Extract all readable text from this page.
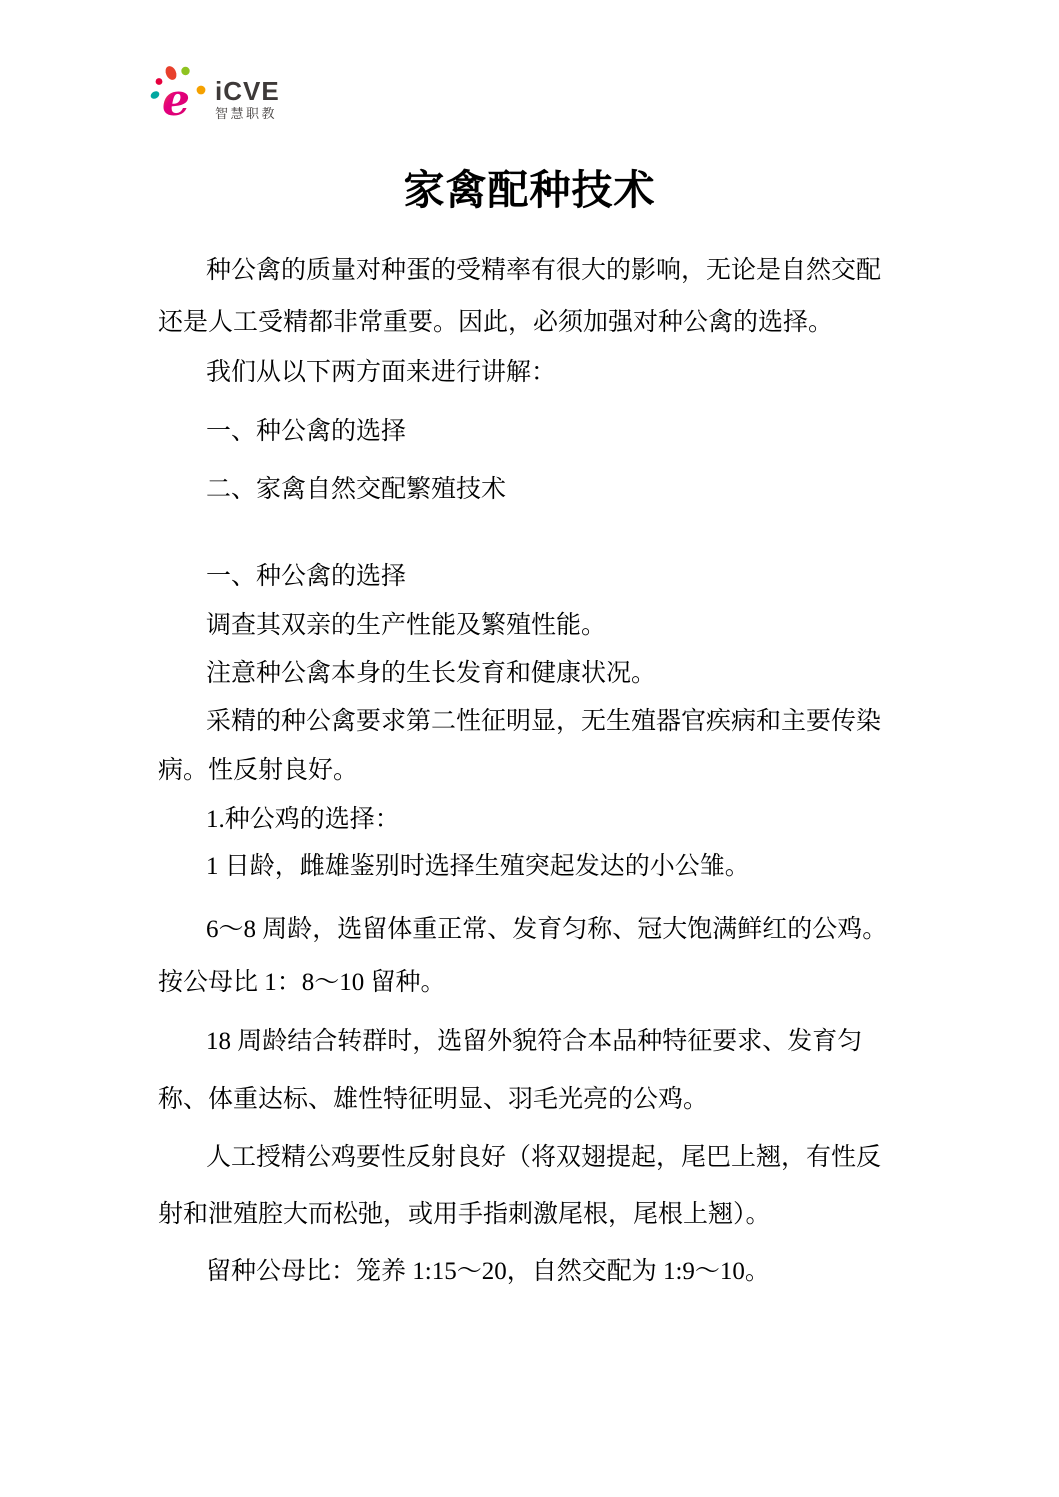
e iCVE
智慧职教
家禽配种技术
种公禽的质量对种蛋的受精率有很大的影响，无论是自然交配
还是人工受精都非常重要。因此，必须加强对种公禽的选择。
我们从以下两方面来进行讲解：
一、种公禽的选择
二、家禽自然交配繁殖技术
一、种公禽的选择
调查其双亲的生产性能及繁殖性能。
注意种公禽本身的生长发育和健康状况。
采精的种公禽要求第二性征明显，无生殖器官疾病和主要传染
病。性反射良好。
1.种公鸡的选择：
1 日龄，雌雄鉴别时选择生殖突起发达的小公雏。
6～8 周龄，选留体重正常、发育匀称、冠大饱满鲜红的公鸡。
按公母比 1：8～10 留种。
18 周龄结合转群时，选留外貌符合本品种特征要求、发育匀
称、体重达标、雄性特征明显、羽毛光亮的公鸡。
人工授精公鸡要性反射良好（将双翅提起，尾巴上翘，有性反
射和泄殖腔大而松弛，或用手指刺激尾根，尾根上翘）。
留种公母比：笼养 1:15～20，自然交配为 1:9～10。
